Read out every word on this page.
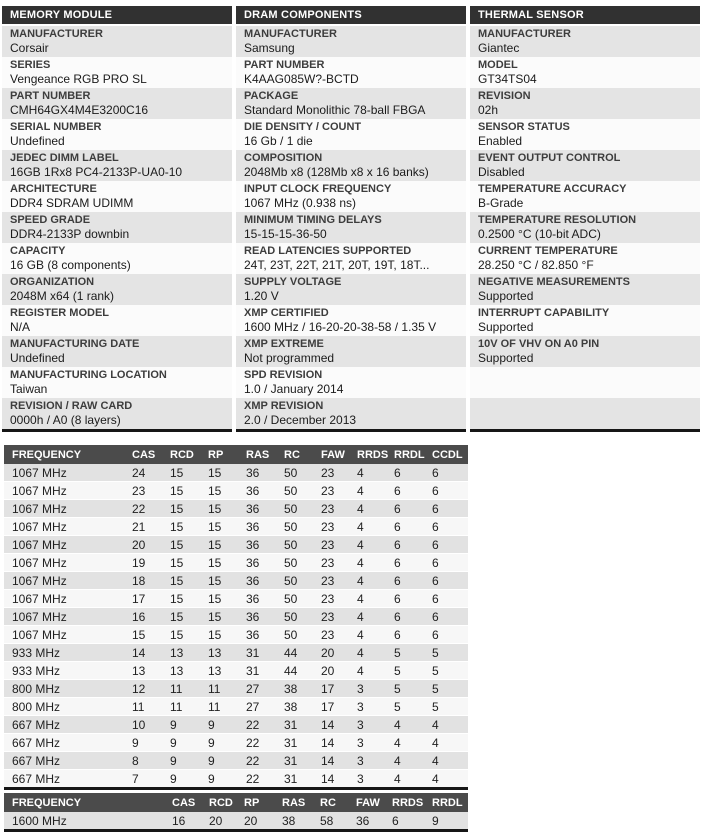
MEMORY MODULE
MANUFACTURER
Corsair
SERIES
Vengeance RGB PRO SL
PART NUMBER
CMH64GX4M4E3200C16
SERIAL NUMBER
Undefined
JEDEC DIMM LABEL
16GB 1Rx8 PC4-2133P-UA0-10
ARCHITECTURE
DDR4 SDRAM UDIMM
SPEED GRADE
DDR4-2133P downbin
CAPACITY
16 GB (8 components)
ORGANIZATION
2048M x64 (1 rank)
REGISTER MODEL
N/A
MANUFACTURING DATE
Undefined
MANUFACTURING LOCATION
Taiwan
REVISION / RAW CARD
0000h / A0 (8 layers)
DRAM COMPONENTS
MANUFACTURER
Samsung
PART NUMBER
K4AAG085W?-BCTD
PACKAGE
Standard Monolithic 78-ball FBGA
DIE DENSITY / COUNT
16 Gb / 1 die
COMPOSITION
2048Mb x8 (128Mb x8 x 16 banks)
INPUT CLOCK FREQUENCY
1067 MHz (0.938 ns)
MINIMUM TIMING DELAYS
15-15-15-36-50
READ LATENCIES SUPPORTED
24T, 23T, 22T, 21T, 20T, 19T, 18T...
SUPPLY VOLTAGE
1.20 V
XMP CERTIFIED
1600 MHz / 16-20-20-38-58 / 1.35 V
XMP EXTREME
Not programmed
SPD REVISION
1.0 / January 2014
XMP REVISION
2.0 / December 2013
THERMAL SENSOR
MANUFACTURER
Giantec
MODEL
GT34TS04
REVISION
02h
SENSOR STATUS
Enabled
EVENT OUTPUT CONTROL
Disabled
TEMPERATURE ACCURACY
B-Grade
TEMPERATURE RESOLUTION
0.2500 °C (10-bit ADC)
CURRENT TEMPERATURE
28.250 °C / 82.850 °F
NEGATIVE MEASUREMENTS
Supported
INTERRUPT CAPABILITY
Supported
10V OF VHV ON A0 PIN
Supported
FREQUENCY	CAS	RCD	RP	RAS	RC	FAW	RRDS	RRDL	CCDL
1067 MHz	24	15	15	36	50	23	4	6	6
1067 MHz	23	15	15	36	50	23	4	6	6
1067 MHz	22	15	15	36	50	23	4	6	6
1067 MHz	21	15	15	36	50	23	4	6	6
1067 MHz	20	15	15	36	50	23	4	6	6
1067 MHz	19	15	15	36	50	23	4	6	6
1067 MHz	18	15	15	36	50	23	4	6	6
1067 MHz	17	15	15	36	50	23	4	6	6
1067 MHz	16	15	15	36	50	23	4	6	6
1067 MHz	15	15	15	36	50	23	4	6	6
933 MHz	14	13	13	31	44	20	4	5	5
933 MHz	13	13	13	31	44	20	4	5	5
800 MHz	12	11	11	27	38	17	3	5	5
800 MHz	11	11	11	27	38	17	3	5	5
667 MHz	10	9	9	22	31	14	3	4	4
667 MHz	9	9	9	22	31	14	3	4	4
667 MHz	8	9	9	22	31	14	3	4	4
667 MHz	7	9	9	22	31	14	3	4	4
FREQUENCY	CAS	RCD	RP	RAS	RC	FAW	RRDS	RRDL
1600 MHz	16	20	20	38	58	36	6	9
